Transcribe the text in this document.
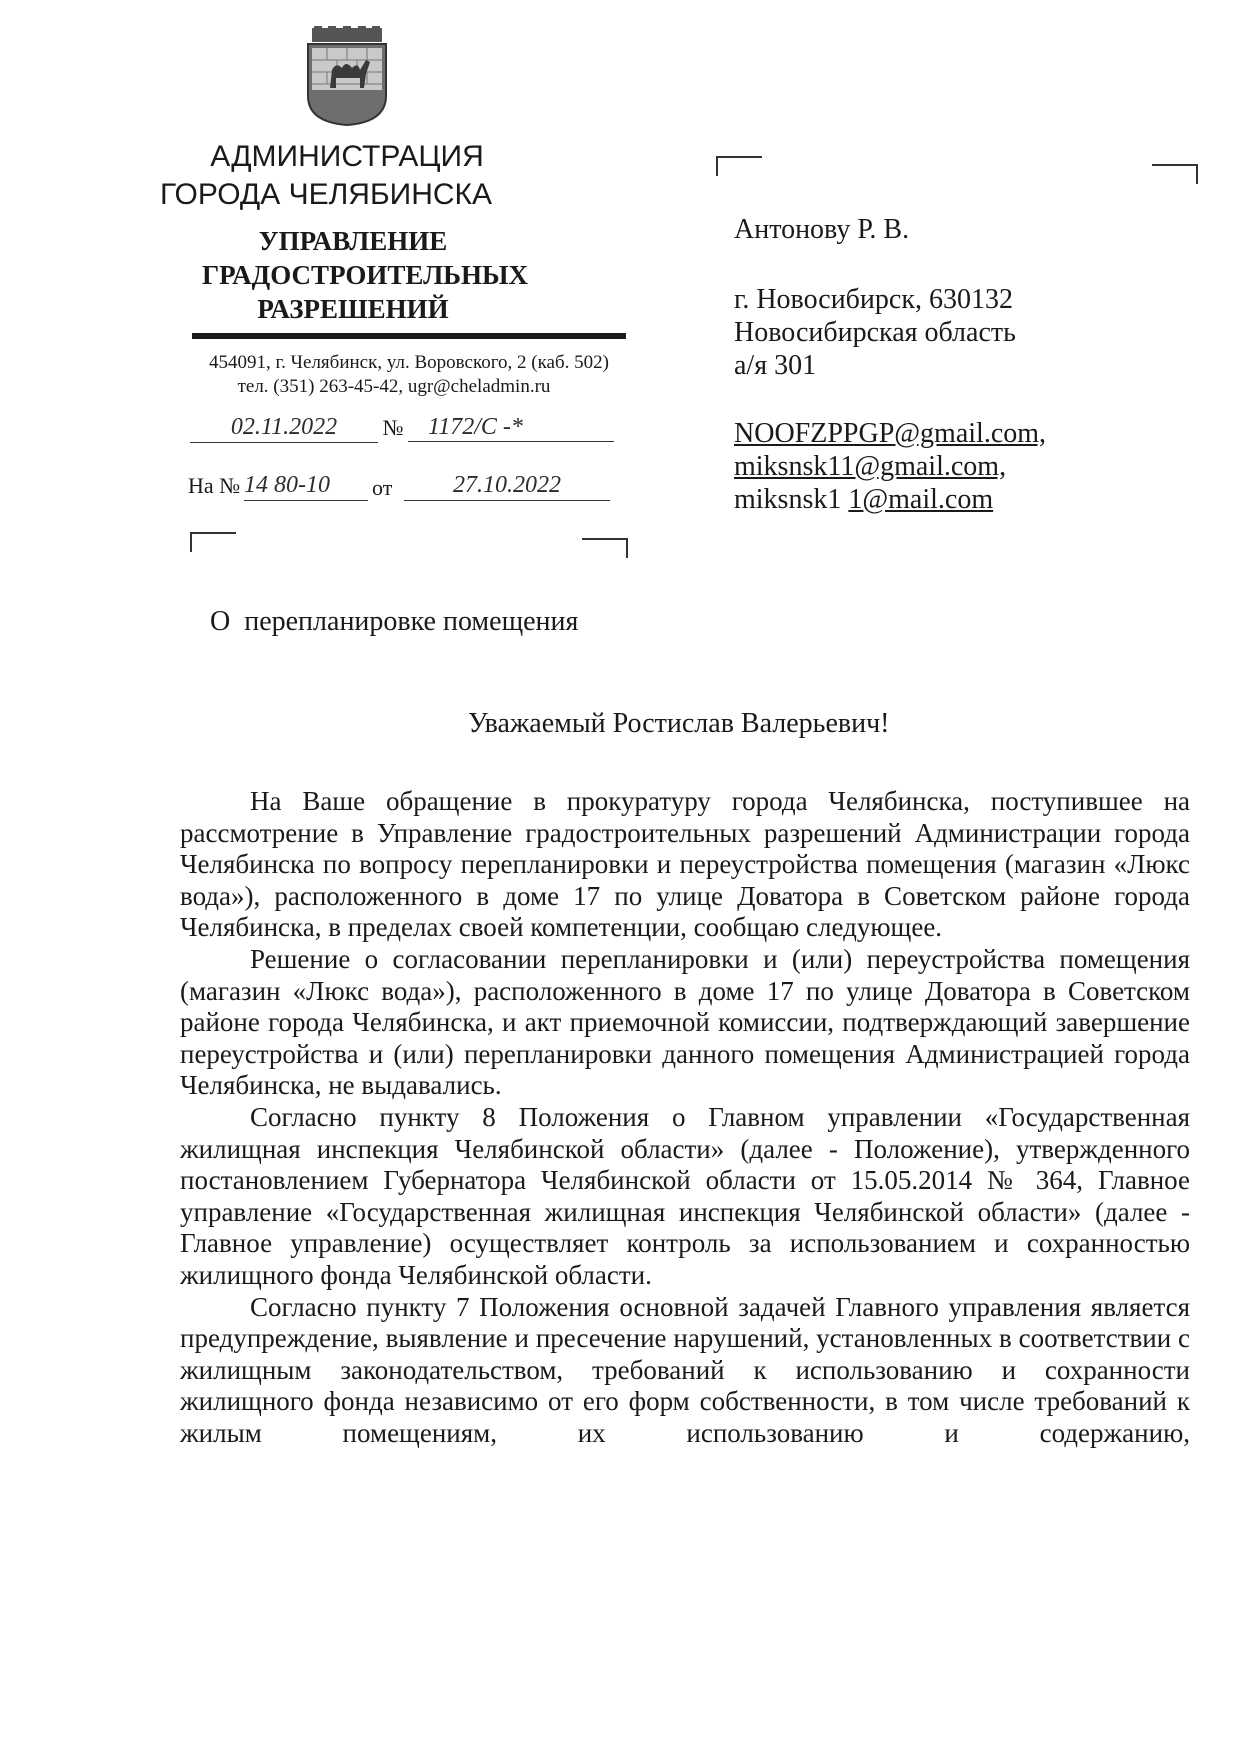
АДМИНИСТРАЦИЯ
ГОРОДА ЧЕЛЯБИНСКА
УПРАВЛЕНИЕ
ГРАДОСТРОИТЕЛЬНЫХ
РАЗРЕШЕНИЙ
454091, г. Челябинск, ул. Воровского, 2 (каб. 502)
тел. (351) 263-45-42, ugr@cheladmin.ru
02.11.2022	№	1172/С -*
На № 14 80-10	от	27.10.2022
Антонову Р. В.
г. Новосибирск, 630132
Новосибирская область
а/я 301
NOOFZPPGP@gmail.com,
miksnsk11@gmail.com,
miksnsk1 1@mail.com
О  перепланировке помещения
Уважаемый Ростислав Валерьевич!

На Ваше обращение в прокуратуру города Челябинска, поступившее на рассмотрение в Управление градостроительных разрешений Администрации города Челябинска по вопросу перепланировки и переустройства помещения (магазин «Люкс вода»), расположенного в доме 17 по улице Доватора в Советском районе города Челябинска, в пределах своей компетенции, сообщаю следующее.

Решение о согласовании перепланировки и (или) переустройства помещения (магазин «Люкс вода»), расположенного в доме 17 по улице Доватора в Советском районе города Челябинска, и акт приемочной комиссии, подтверждающий завершение переустройства и (или) перепланировки данного помещения Администрацией города Челябинска, не выдавались.

Согласно пункту 8 Положения о Главном управлении «Государственная жилищная инспекция Челябинской области» (далее - Положение), утвержденного постановлением Губернатора Челябинской области от 15.05.2014 № 364, Главное управление «Государственная жилищная инспекция Челябинской области» (далее - Главное управление) осуществляет контроль за использованием и сохранностью жилищного фонда Челябинской области.

Согласно пункту 7 Положения основной задачей Главного управления является предупреждение, выявление и пресечение нарушений, установленных в соответствии с жилищным законодательством, требований к использованию и сохранности жилищного фонда независимо от его форм собственности, в том числе требований к жилым помещениям, их использованию и содержанию,
